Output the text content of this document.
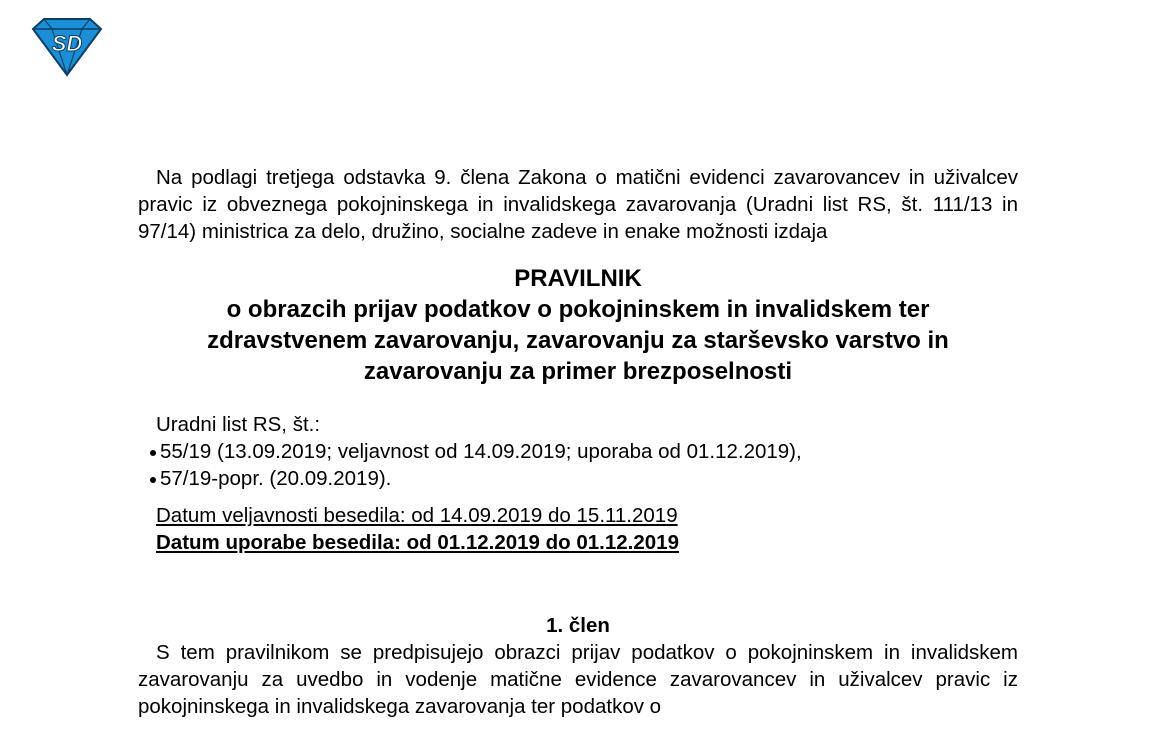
SD

Na podlagi tretjega odstavka 9. člena Zakona o matični evidenci zavarovancev in uživalcev pravic iz obveznega pokojninskega in invalidskega zavarovanja (Uradni list RS, št. 111/13 in 97/14) ministrica za delo, družino, socialne zadeve in enake možnosti izdaja

PRAVILNIK
o obrazcih prijav podatkov o pokojninskem in invalidskem ter
zdravstvenem zavarovanju, zavarovanju za starševsko varstvo in
zavarovanju za primer brezposelnosti
Uradni list RS, št.:
55/19 (13.09.2019; veljavnost od 14.09.2019; uporaba od 01.12.2019),
57/19-popr. (20.09.2019).
Datum veljavnosti besedila: od 14.09.2019 do 15.11.2019
Datum uporabe besedila: od 01.12.2019 do 01.12.2019
1. člen

S tem pravilnikom se predpisujejo obrazci prijav podatkov o pokojninskem in invalidskem zavarovanju za uvedbo in vodenje matične evidence zavarovancev in uživalcev pravic iz pokojninskega in invalidskega zavarovanja ter podatkov o
